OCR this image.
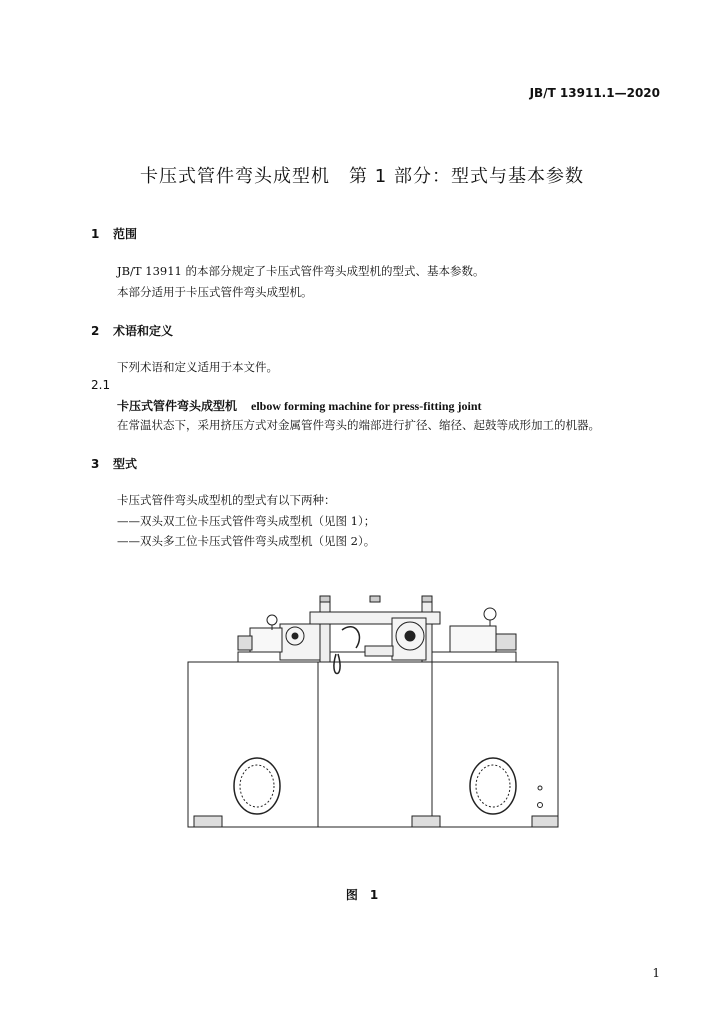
JB/T 13911.1—2020
卡压式管件弯头成型机　第 1 部分：型式与基本参数
1 范围
JB/T 13911 的本部分规定了卡压式管件弯头成型机的型式、基本参数。
本部分适用于卡压式管件弯头成型机。
2 术语和定义
下列术语和定义适用于本文件。
2.1
卡压式管件弯头成型机 elbow forming machine for press-fitting joint
在常温状态下，采用挤压方式对金属管件弯头的端部进行扩径、缩径、起鼓等成形加工的机器。
3 型式
卡压式管件弯头成型机的型式有以下两种：
——双头双工位卡压式管件弯头成型机（见图 1）；
——双头多工位卡压式管件弯头成型机（见图 2）。
图　1
1
